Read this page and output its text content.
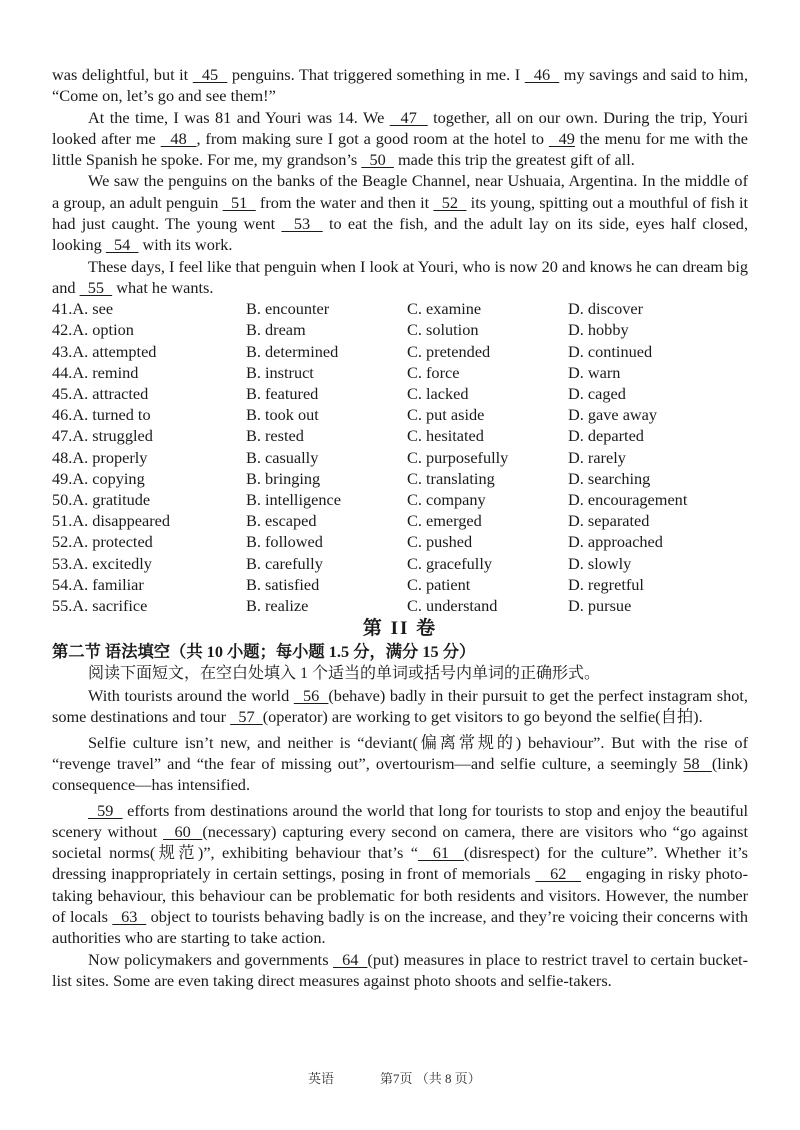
was delightful, but it   45   penguins. That triggered something in me. I   46   my savings and said to him, “Come on, let’s go and see them!”

At the time, I was 81 and Youri was 14. We   47   together, all on our own. During the trip, Youri looked after me   48  , from making sure I got a good room at the hotel to   49 the menu for me with the little Spanish he spoke. For me, my grandson’s   50   made this trip the greatest gift of all.

We saw the penguins on the banks of the Beagle Channel, near Ushuaia, Argentina. In the middle of a group, an adult penguin   51   from the water and then it   52   its young, spitting out a mouthful of fish it had just caught. The young went   53   to eat the fish, and the adult lay on its side, eyes half closed, looking   54   with its work.

These days, I feel like that penguin when I look at Youri, who is now 20 and knows he can dream big and   55   what he wants.

41.A. see	B. encounter	C. examine	D. discover
42.A. option	B. dream	C. solution	D. hobby
43.A. attempted	B. determined	C. pretended	D. continued
44.A. remind	B. instruct	C. force	D. warn
45.A. attracted	B. featured	C. lacked	D. caged
46.A. turned to	B. took out	C. put aside	D. gave away
47.A. struggled	B. rested	C. hesitated	D. departed
48.A. properly	B. casually	C. purposefully	D. rarely
49.A. copying	B. bringing	C. translating	D. searching
50.A. gratitude	B. intelligence	C. company	D. encouragement
51.A. disappeared	B. escaped	C. emerged	D. separated
52.A. protected	B. followed	C. pushed	D. approached
53.A. excitedly	B. carefully	C. gracefully	D. slowly
54.A. familiar	B. satisfied	C. patient	D. regretful
55.A. sacrifice	B. realize	C. understand	D. pursue
第 II 卷
第二节 语法填空（共 10 小题；每小题 1.5 分，满分 15 分）
阅读下面短文，在空白处填入 1 个适当的单词或括号内单词的正确形式。

With tourists around the world   56  (behave) badly in their pursuit to get the perfect instagram shot, some destinations and tour   57  (operator) are working to get visitors to go beyond the selfie(自拍).

Selfie culture isn’t new, and neither is “deviant(偏离常规的) behaviour”. But with the rise of “revenge travel” and “the fear of missing out”, overtourism—and selfie culture, a seemingly 58  (link) consequence—has intensified.

59   efforts from destinations around the world that long for tourists to stop and enjoy the beautiful scenery without   60  (necessary) capturing every second on camera, there are visitors who “go against societal norms(规范)”, exhibiting behaviour that’s “  61  (disrespect) for the culture”. Whether it’s dressing inappropriately in certain settings, posing in front of memorials    62    engaging in risky photo-taking behaviour, this behaviour can be problematic for both residents and visitors. However, the number of locals   63   object to tourists behaving badly is on the increase, and they’re voicing their concerns with authorities who are starting to take action.

Now policymakers and governments   64  (put) measures in place to restrict travel to certain bucket-list sites. Some are even taking direct measures against photo shoots and selfie-takers.

英语	第7页 （共 8 页）
